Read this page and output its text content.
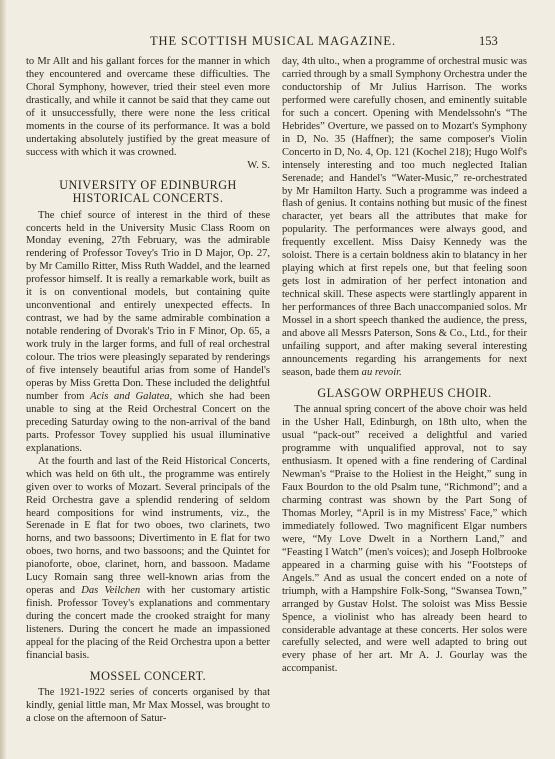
THE SCOTTISH MUSICAL MAGAZINE.	153

to Mr Allt and his gallant forces for the manner in which they encountered and overcame these difficulties. The Choral Symphony, however, tried their steel even more drastically, and while it cannot be said that they came out of it unsuccessfully, there were none the less critical moments in the course of its performance. It was a bold undertaking absolutely justified by the great measure of success with which it was crowned.

W. S.

UNIVERSITY OF EDINBURGH HISTORICAL CONCERTS.

The chief source of interest in the third of these concerts held in the University Music Class Room on Monday evening, 27th February, was the admirable rendering of Professor Tovey's Trio in D Major, Op. 27, by Mr Camillo Ritter, Miss Ruth Waddel, and the learned professor himself. It is really a remarkable work, built as it is on conventional models, but containing quite unconventional and entirely unexpected effects. In contrast, we had by the same admirable combination a notable rendering of Dvorak's Trio in F Minor, Op. 65, a work truly in the larger forms, and full of real orchestral colour. The trios were pleasingly separated by renderings of five intensely beautiful arias from some of Handel's operas by Miss Gretta Don. These included the delightful number from Acis and Galatea, which she had been unable to sing at the Reid Orchestral Concert on the preceding Saturday owing to the non-arrival of the band parts. Professor Tovey supplied his usual illuminative explanations.

At the fourth and last of the Reid Historical Concerts, which was held on 6th ult., the programme was entirely given over to works of Mozart. Several principals of the Reid Orchestra gave a splendid rendering of seldom heard compositions for wind instruments, viz., the Serenade in E flat for two oboes, two clarinets, two horns, and two bassoons; Divertimento in E flat for two oboes, two horns, and two bassoons; and the Quintet for pianoforte, oboe, clarinet, horn, and bassoon. Madame Lucy Romain sang three well-known arias from the operas and Das Veilchen with her customary artistic finish. Professor Tovey's explanations and commentary during the concert made the crooked straight for many listeners. During the concert he made an impassioned appeal for the placing of the Reid Orchestra upon a better financial basis.

MOSSEL CONCERT.

The 1921-1922 series of concerts organised by that kindly, genial little man, Mr Max Mossel, was brought to a close on the afternoon of Satur-

day, 4th ulto., when a programme of orchestral music was carried through by a small Symphony Orchestra under the conductorship of Mr Julius Harrison. The works performed were carefully chosen, and eminently suitable for such a concert. Opening with Mendelssohn's “The Hebrides” Overture, we passed on to Mozart's Symphony in D, No. 35 (Haffner); the same composer's Violin Concerto in D, No. 4, Op. 121 (Kochel 218); Hugo Wolf's intensely interesting and too much neglected Italian Serenade; and Handel's “Water-Music,” re-orchestrated by Mr Hamilton Harty. Such a programme was indeed a flash of genius. It contains nothing but music of the finest character, yet bears all the attributes that make for popularity. The performances were always good, and frequently excellent. Miss Daisy Kennedy was the soloist. There is a certain boldness akin to blatancy in her playing which at first repels one, but that feeling soon gets lost in admiration of her perfect intonation and technical skill. These aspects were startlingly apparent in her performances of three Bach unaccompanied solos. Mr Mossel in a short speech thanked the audience, the press, and above all Messrs Paterson, Sons & Co., Ltd., for their unfailing support, and after making several interesting announcements regarding his arrangements for next season, bade them au revoir.

GLASGOW ORPHEUS CHOIR.

The annual spring concert of the above choir was held in the Usher Hall, Edinburgh, on 18th ulto, when the usual “pack-out” received a delightful and varied programme with unqualified approval, not to say enthusiasm. It opened with a fine rendering of Cardinal Newman's “Praise to the Holiest in the Height,” sung in Faux Bourdon to the old Psalm tune, “Richmond”; and a charming contrast was shown by the Part Song of Thomas Morley, “April is in my Mistress' Face,” which immediately followed. Two magnificent Elgar numbers were, “My Love Dwelt in a Northern Land,” and “Feasting I Watch” (men's voices); and Joseph Holbrooke appeared in a charming guise with his “Footsteps of Angels.” And as usual the concert ended on a note of triumph, with a Hampshire Folk-Song, “Swansea Town,” arranged by Gustav Holst. The soloist was Miss Bessie Spence, a violinist who has already been heard to considerable advantage at these concerts. Her solos were carefully selected, and were well adapted to bring out every phase of her art. Mr A. J. Gourlay was the accompanist.
